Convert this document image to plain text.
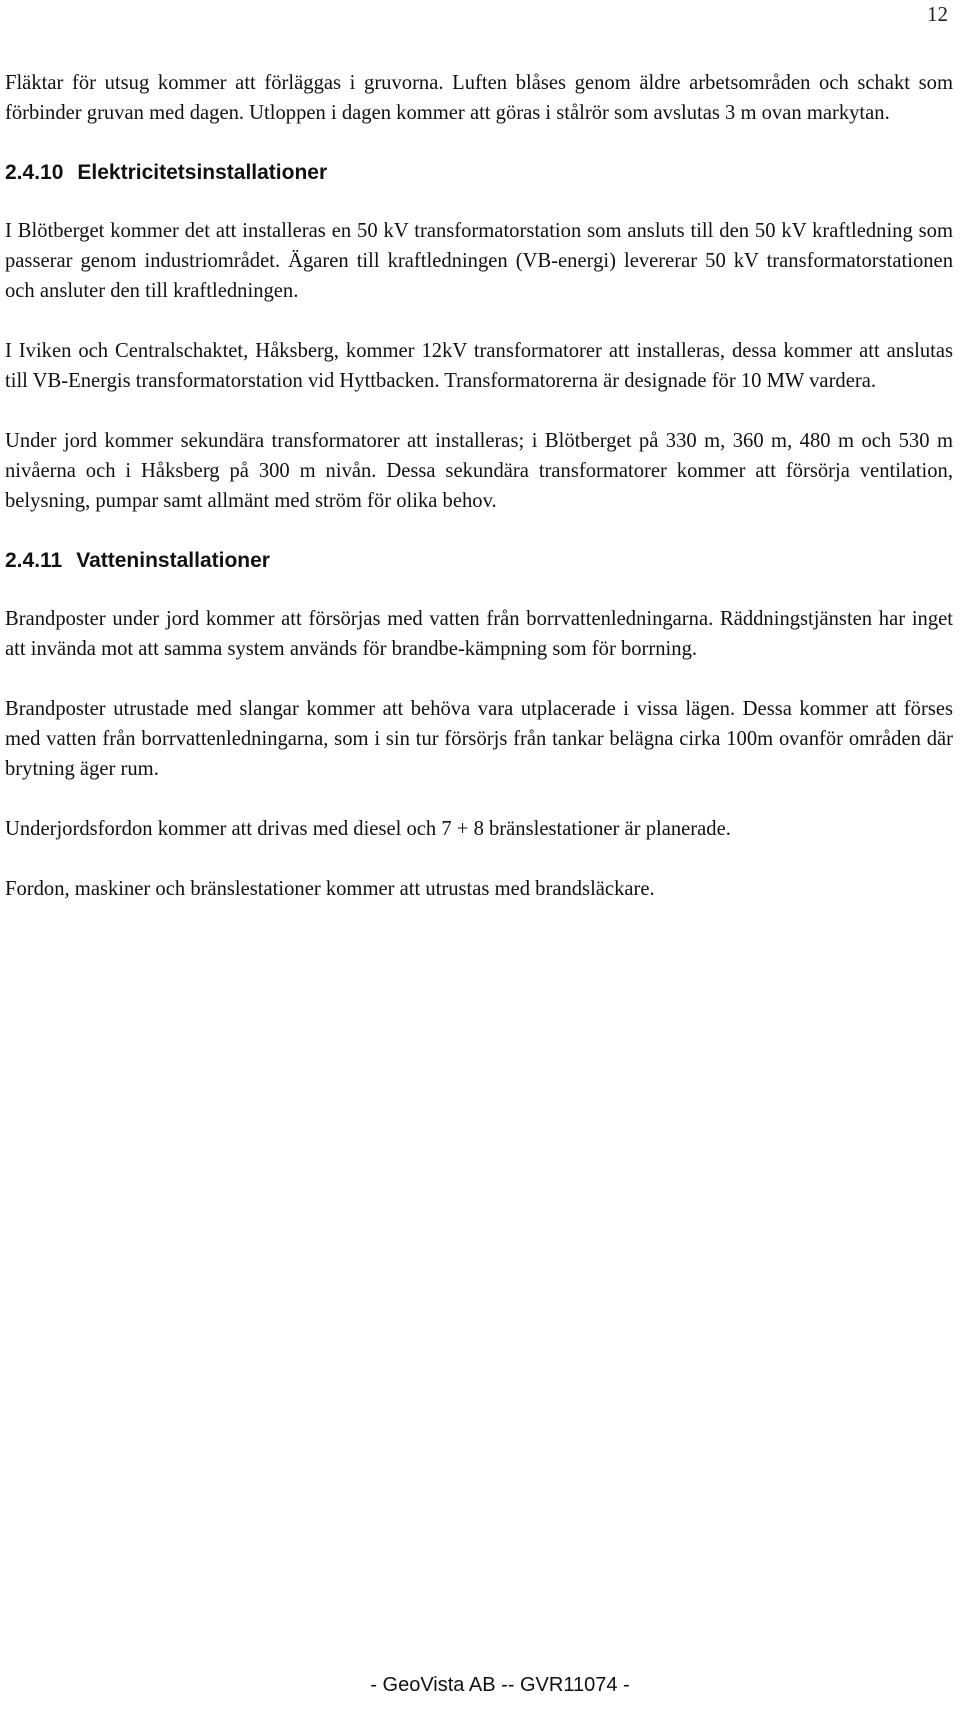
12

Fläktar för utsug kommer att förläggas i gruvorna. Luften blåses genom äldre arbetsområden och schakt som förbinder gruvan med dagen. Utloppen i dagen kommer att göras i stålrör som avslutas 3 m ovan markytan.

2.4.10 Elektricitetsinstallationer

I Blötberget kommer det att installeras en 50 kV transformatorstation som ansluts till den 50 kV kraftledning som passerar genom industriområdet. Ägaren till kraftledningen (VB-energi) levererar 50 kV transformatorstationen och ansluter den till kraftledningen.

I Iviken och Centralschaktet, Håksberg, kommer 12kV transformatorer att installeras, dessa kommer att anslutas till VB-Energis transformatorstation vid Hyttbacken. Transformatorerna är designade för 10 MW vardera.

Under jord kommer sekundära transformatorer att installeras; i Blötberget på 330 m, 360 m, 480 m och 530 m nivåerna och i Håksberg på 300 m nivån. Dessa sekundära transformatorer kommer att försörja ventilation, belysning, pumpar samt allmänt med ström för olika behov.

2.4.11 Vatteninstallationer

Brandposter under jord kommer att försörjas med vatten från borrvattenledningarna. Räddningstjänsten har inget att invända mot att samma system används för brandbe-kämpning som för borrning.

Brandposter utrustade med slangar kommer att behöva vara utplacerade i vissa lägen. Dessa kommer att förses med vatten från borrvattenledningarna, som i sin tur försörjs från tankar belägna cirka 100m ovanför områden där brytning äger rum.

Underjordsfordon kommer att drivas med diesel och 7 + 8 bränslestationer är planerade.

Fordon, maskiner och bränslestationer kommer att utrustas med brandsläckare.

- GeoVista AB -- GVR11074 -
